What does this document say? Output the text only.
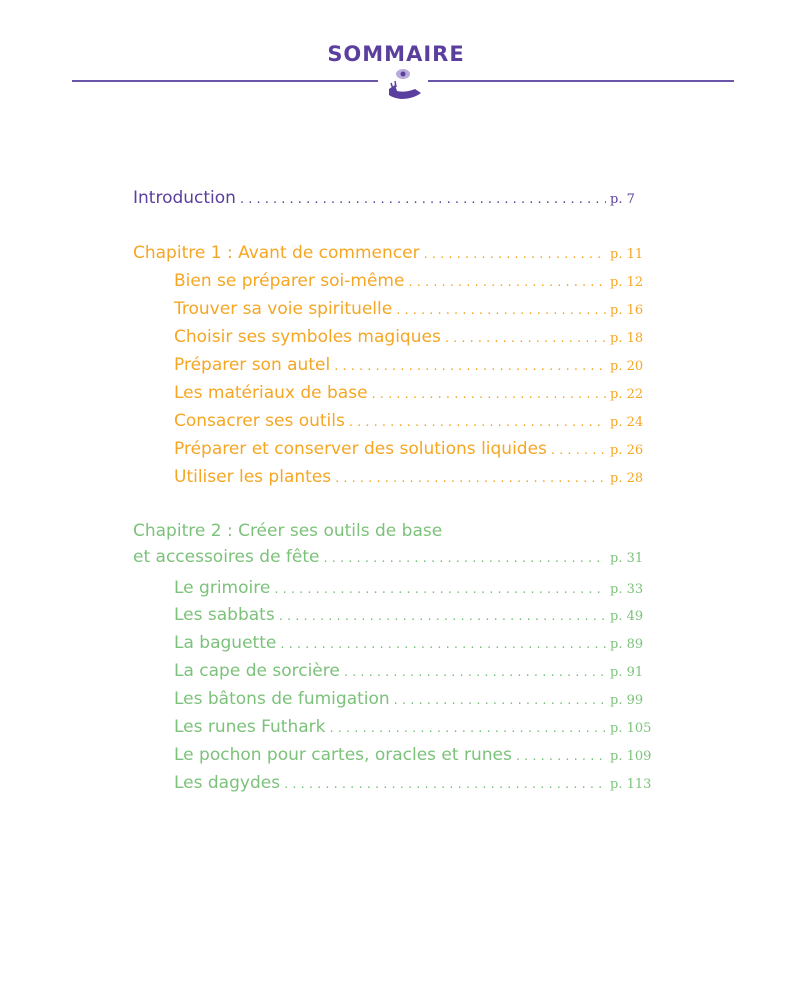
SOMMAIRE
Introduction . . .	p. 7
Chapitre 1 : Avant de commencer . . .	p. 11
Bien se préparer soi-même . . .	p. 12
Trouver sa voie spirituelle . . .	p. 16
Choisir ses symboles magiques . . .	p. 18
Préparer son autel . . .	p. 20
Les matériaux de base . . .	p. 22
Consacrer ses outils . . .	p. 24
Préparer et conserver des solutions liquides . . .	p. 26
Utiliser les plantes . . .	p. 28
Chapitre 2 : Créer ses outils de base
et accessoires de fête . . .	p. 31
Le grimoire . . .	p. 33
Les sabbats . . .	p. 49
La baguette . . .	p. 89
La cape de sorcière . . .	p. 91
Les bâtons de fumigation . . .	p. 99
Les runes Futhark . . .	p. 105
Le pochon pour cartes, oracles et runes . . .	p. 109
Les dagydes . . .	p. 113
